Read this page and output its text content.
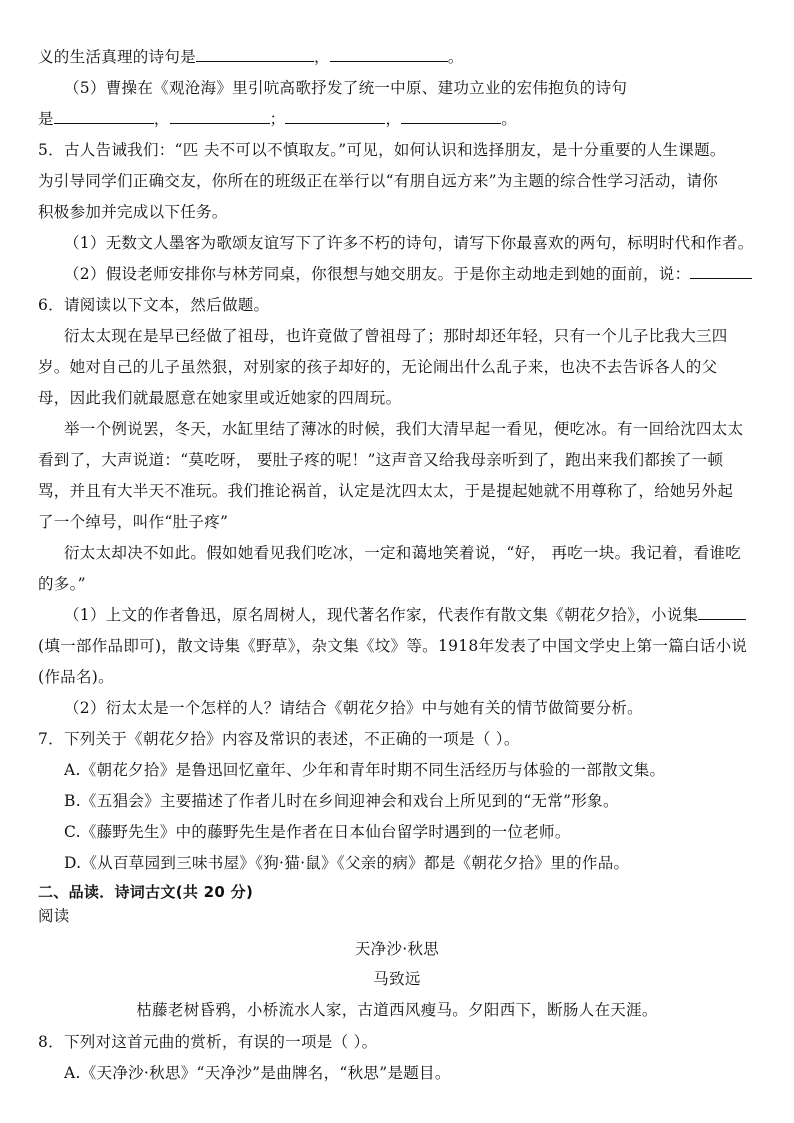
义的生活真理的诗句是	，	。
（5）曹操在《观沧海》里引吭高歌抒发了统一中原、建功立业的宏伟抱负的诗句
是	，	；	，	。
5．古人告诫我们：“匹 夫不可以不慎取友。”可见，如何认识和选择朋友，是十分重要的人生课题。
为引导同学们正确交友，你所在的班级正在举行以“有朋自远方来”为主题的综合性学习活动，请你
积极参加并完成以下任务。
（1）无数文人墨客为歌颂友谊写下了许多不朽的诗句，请写下你最喜欢的两句，标明时代和作者。
（2）假设老师安排你与林芳同桌，你很想与她交朋友。于是你主动地走到她的面前，说：
6．请阅读以下文本，然后做题。
衍太太现在是早已经做了祖母，也许竟做了曾祖母了；那时却还年轻，只有一个儿子比我大三四
岁。她对自己的儿子虽然狠，对别家的孩子却好的，无论闹出什么乱子来，也决不去告诉各人的父
母，因此我们就最愿意在她家里或近她家的四周玩。
举一个例说罢，冬天，水缸里结了薄冰的时候，我们大清早起一看见，便吃冰。有一回给沈四太太
看到了，大声说道：“莫吃呀， 要肚子疼的呢！”这声音又给我母亲听到了，跑出来我们都挨了一顿
骂，并且有大半天不准玩。我们推论祸首，认定是沈四太太，于是提起她就不用尊称了，给她另外起
了一个绰号，叫作“肚子疼”
衍太太却决不如此。假如她看见我们吃冰，一定和蔼地笑着说，“好， 再吃一块。我记着，看谁吃
的多。”
（1）上文的作者鲁迅，原名周树人，现代著名作家，代表作有散文集《朝花夕拾》，小说集
(填一部作品即可)，散文诗集《野草》，杂文集《坟》等。1918年发表了中国文学史上第一篇白话小说
(作品名)。
（2）衍太太是一个怎样的人？请结合《朝花夕拾》中与她有关的情节做简要分析。
7．下列关于《朝花夕拾》内容及常识的表述，不正确的一项是（ ）。
A.《朝花夕拾》是鲁迅回忆童年、少年和青年时期不同生活经历与体验的一部散文集。
B.《五猖会》主要描述了作者儿时在乡间迎神会和戏台上所见到的“无常”形象。
C.《藤野先生》中的藤野先生是作者在日本仙台留学时遇到的一位老师。
D.《从百草园到三味书屋》《狗·猫·鼠》《父亲的病》都是《朝花夕拾》里的作品。
二、品读．诗词古文(共 20 分)
阅读
天净沙·秋思
马致远
枯藤老树昏鸦，小桥流水人家，古道西风瘦马。夕阳西下，断肠人在天涯。
8．下列对这首元曲的赏析，有误的一项是（ ）。
A.《天净沙·秋思》“天净沙”是曲牌名，“秋思”是题目。
